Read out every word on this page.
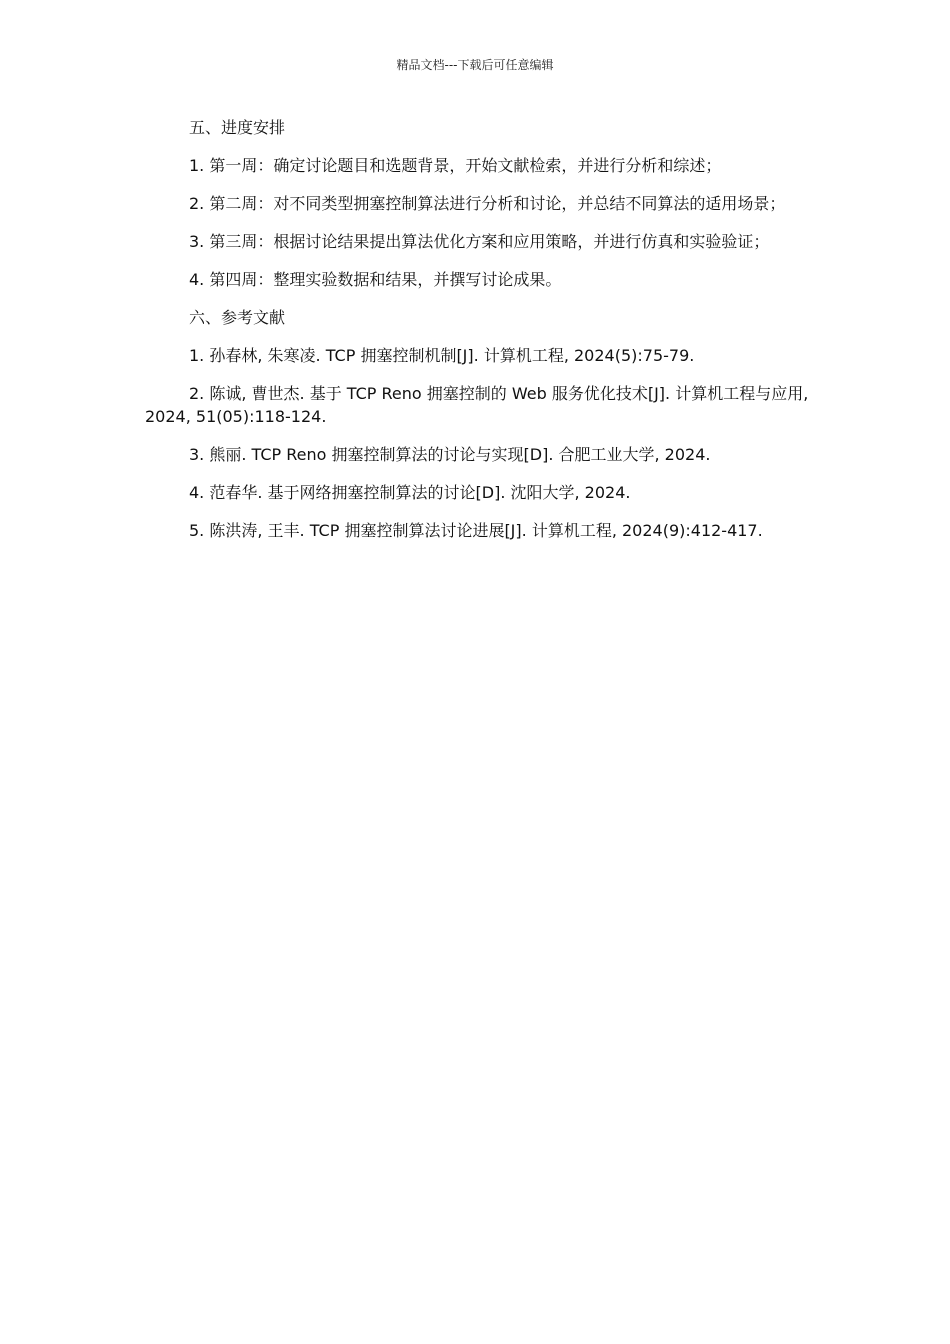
精品文档---下载后可任意编辑

五、进度安排

1. 第一周：确定讨论题目和选题背景，开始文献检索，并进行分析和综述；

2. 第二周：对不同类型拥塞控制算法进行分析和讨论，并总结不同算法的适用场景；

3. 第三周：根据讨论结果提出算法优化方案和应用策略，并进行仿真和实验验证；

4. 第四周：整理实验数据和结果，并撰写讨论成果。

六、参考文献

1. 孙春林, 朱寒凌. TCP 拥塞控制机制[J]. 计算机工程, 2024(5):75-79.

2. 陈诚, 曹世杰. 基于 TCP Reno 拥塞控制的 Web 服务优化技术[J]. 计算机工程与应用, 2024, 51(05):118-124.

3. 熊丽. TCP Reno 拥塞控制算法的讨论与实现[D]. 合肥工业大学, 2024.

4. 范春华. 基于网络拥塞控制算法的讨论[D]. 沈阳大学, 2024.

5. 陈洪涛, 王丰. TCP 拥塞控制算法讨论进展[J]. 计算机工程, 2024(9):412-417.
